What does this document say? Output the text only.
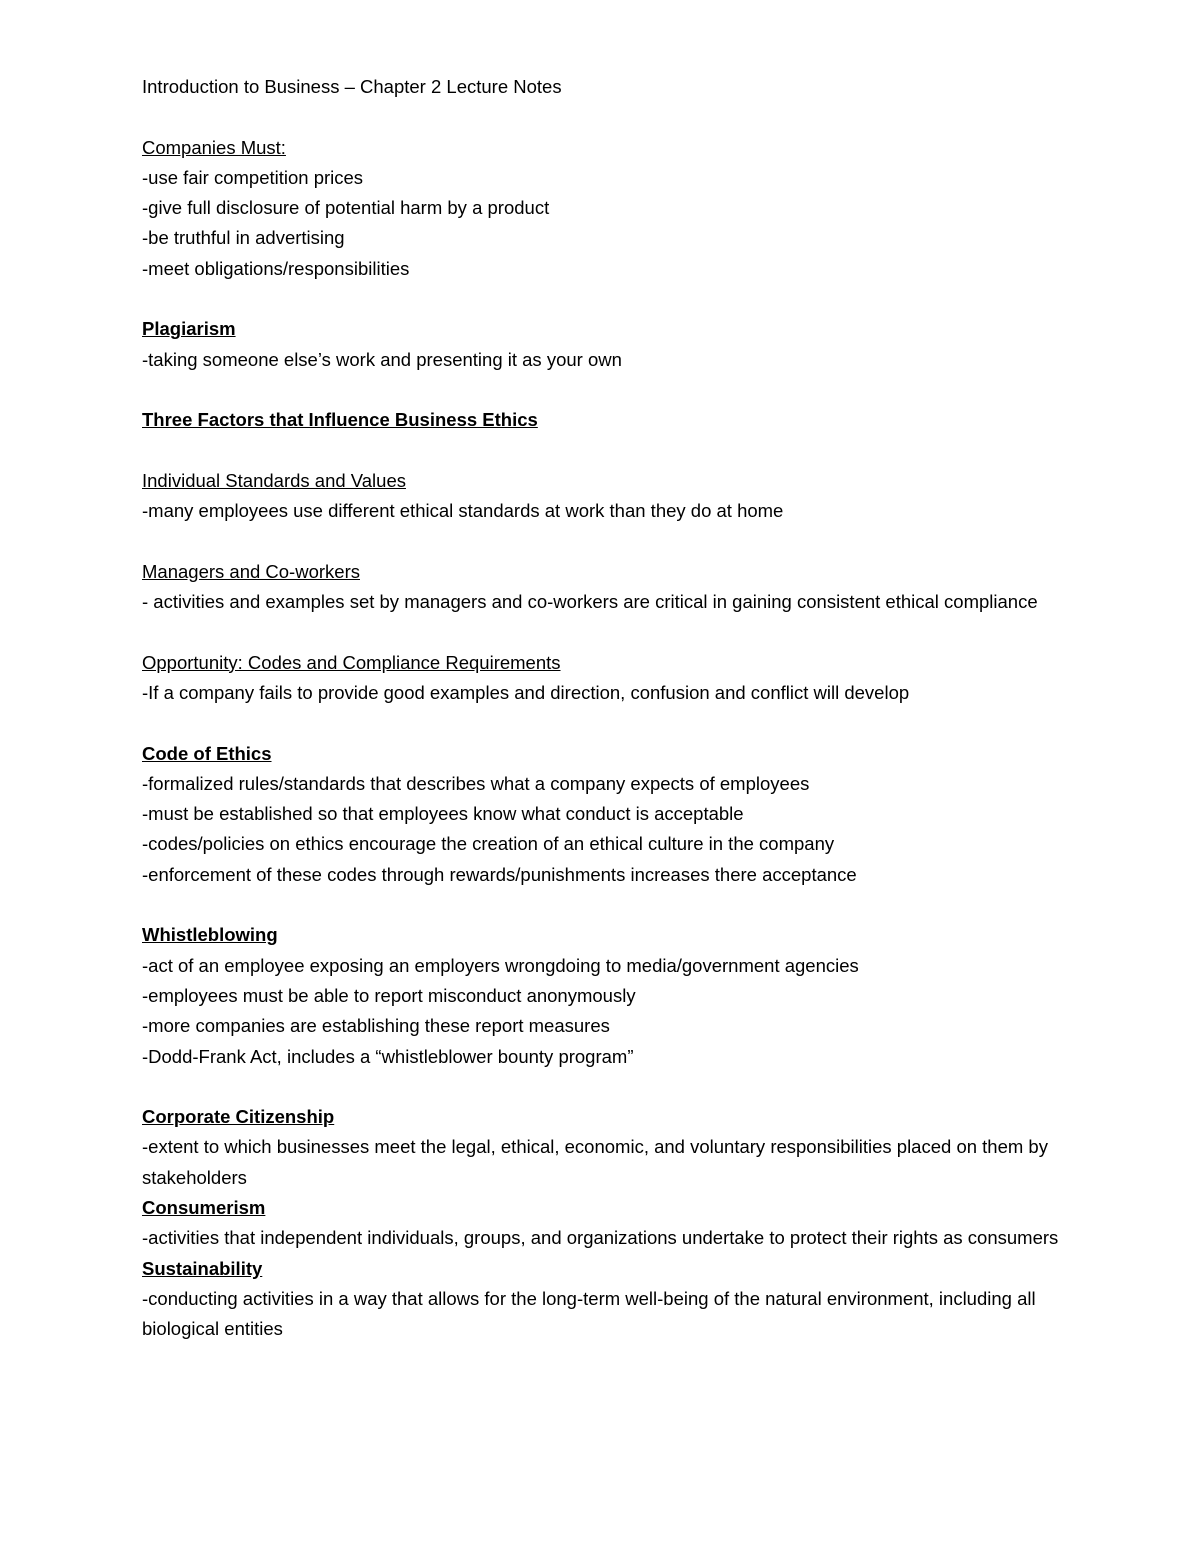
Introduction to Business – Chapter 2 Lecture Notes
Companies Must:
-use fair competition prices
-give full disclosure of potential harm by a product
-be truthful in advertising
-meet obligations/responsibilities
Plagiarism
-taking someone else’s work and presenting it as your own
Three Factors that Influence Business Ethics
Individual Standards and Values
-many employees use different ethical standards at work than they do at home
Managers and Co-workers
- activities and examples set by managers and co-workers are critical in gaining consistent ethical compliance
Opportunity: Codes and Compliance Requirements
-If a company fails to provide good examples and direction, confusion and conflict will develop
Code of Ethics
-formalized rules/standards that describes what a company expects of employees
-must be established so that employees know what conduct is acceptable
-codes/policies on ethics encourage the creation of an ethical culture in the company
-enforcement of these codes through rewards/punishments increases there acceptance
Whistleblowing
-act of an employee exposing an employers wrongdoing to media/government agencies
-employees must be able to report misconduct anonymously
-more companies are establishing these report measures
-Dodd-Frank Act, includes a “whistleblower bounty program”
Corporate Citizenship
-extent to which businesses meet the legal, ethical, economic, and voluntary responsibilities placed on them by stakeholders
Consumerism
-activities that independent individuals, groups, and organizations undertake to protect their rights as consumers
Sustainability
-conducting activities in a way that allows for the long-term well-being of the natural environment, including all biological entities
